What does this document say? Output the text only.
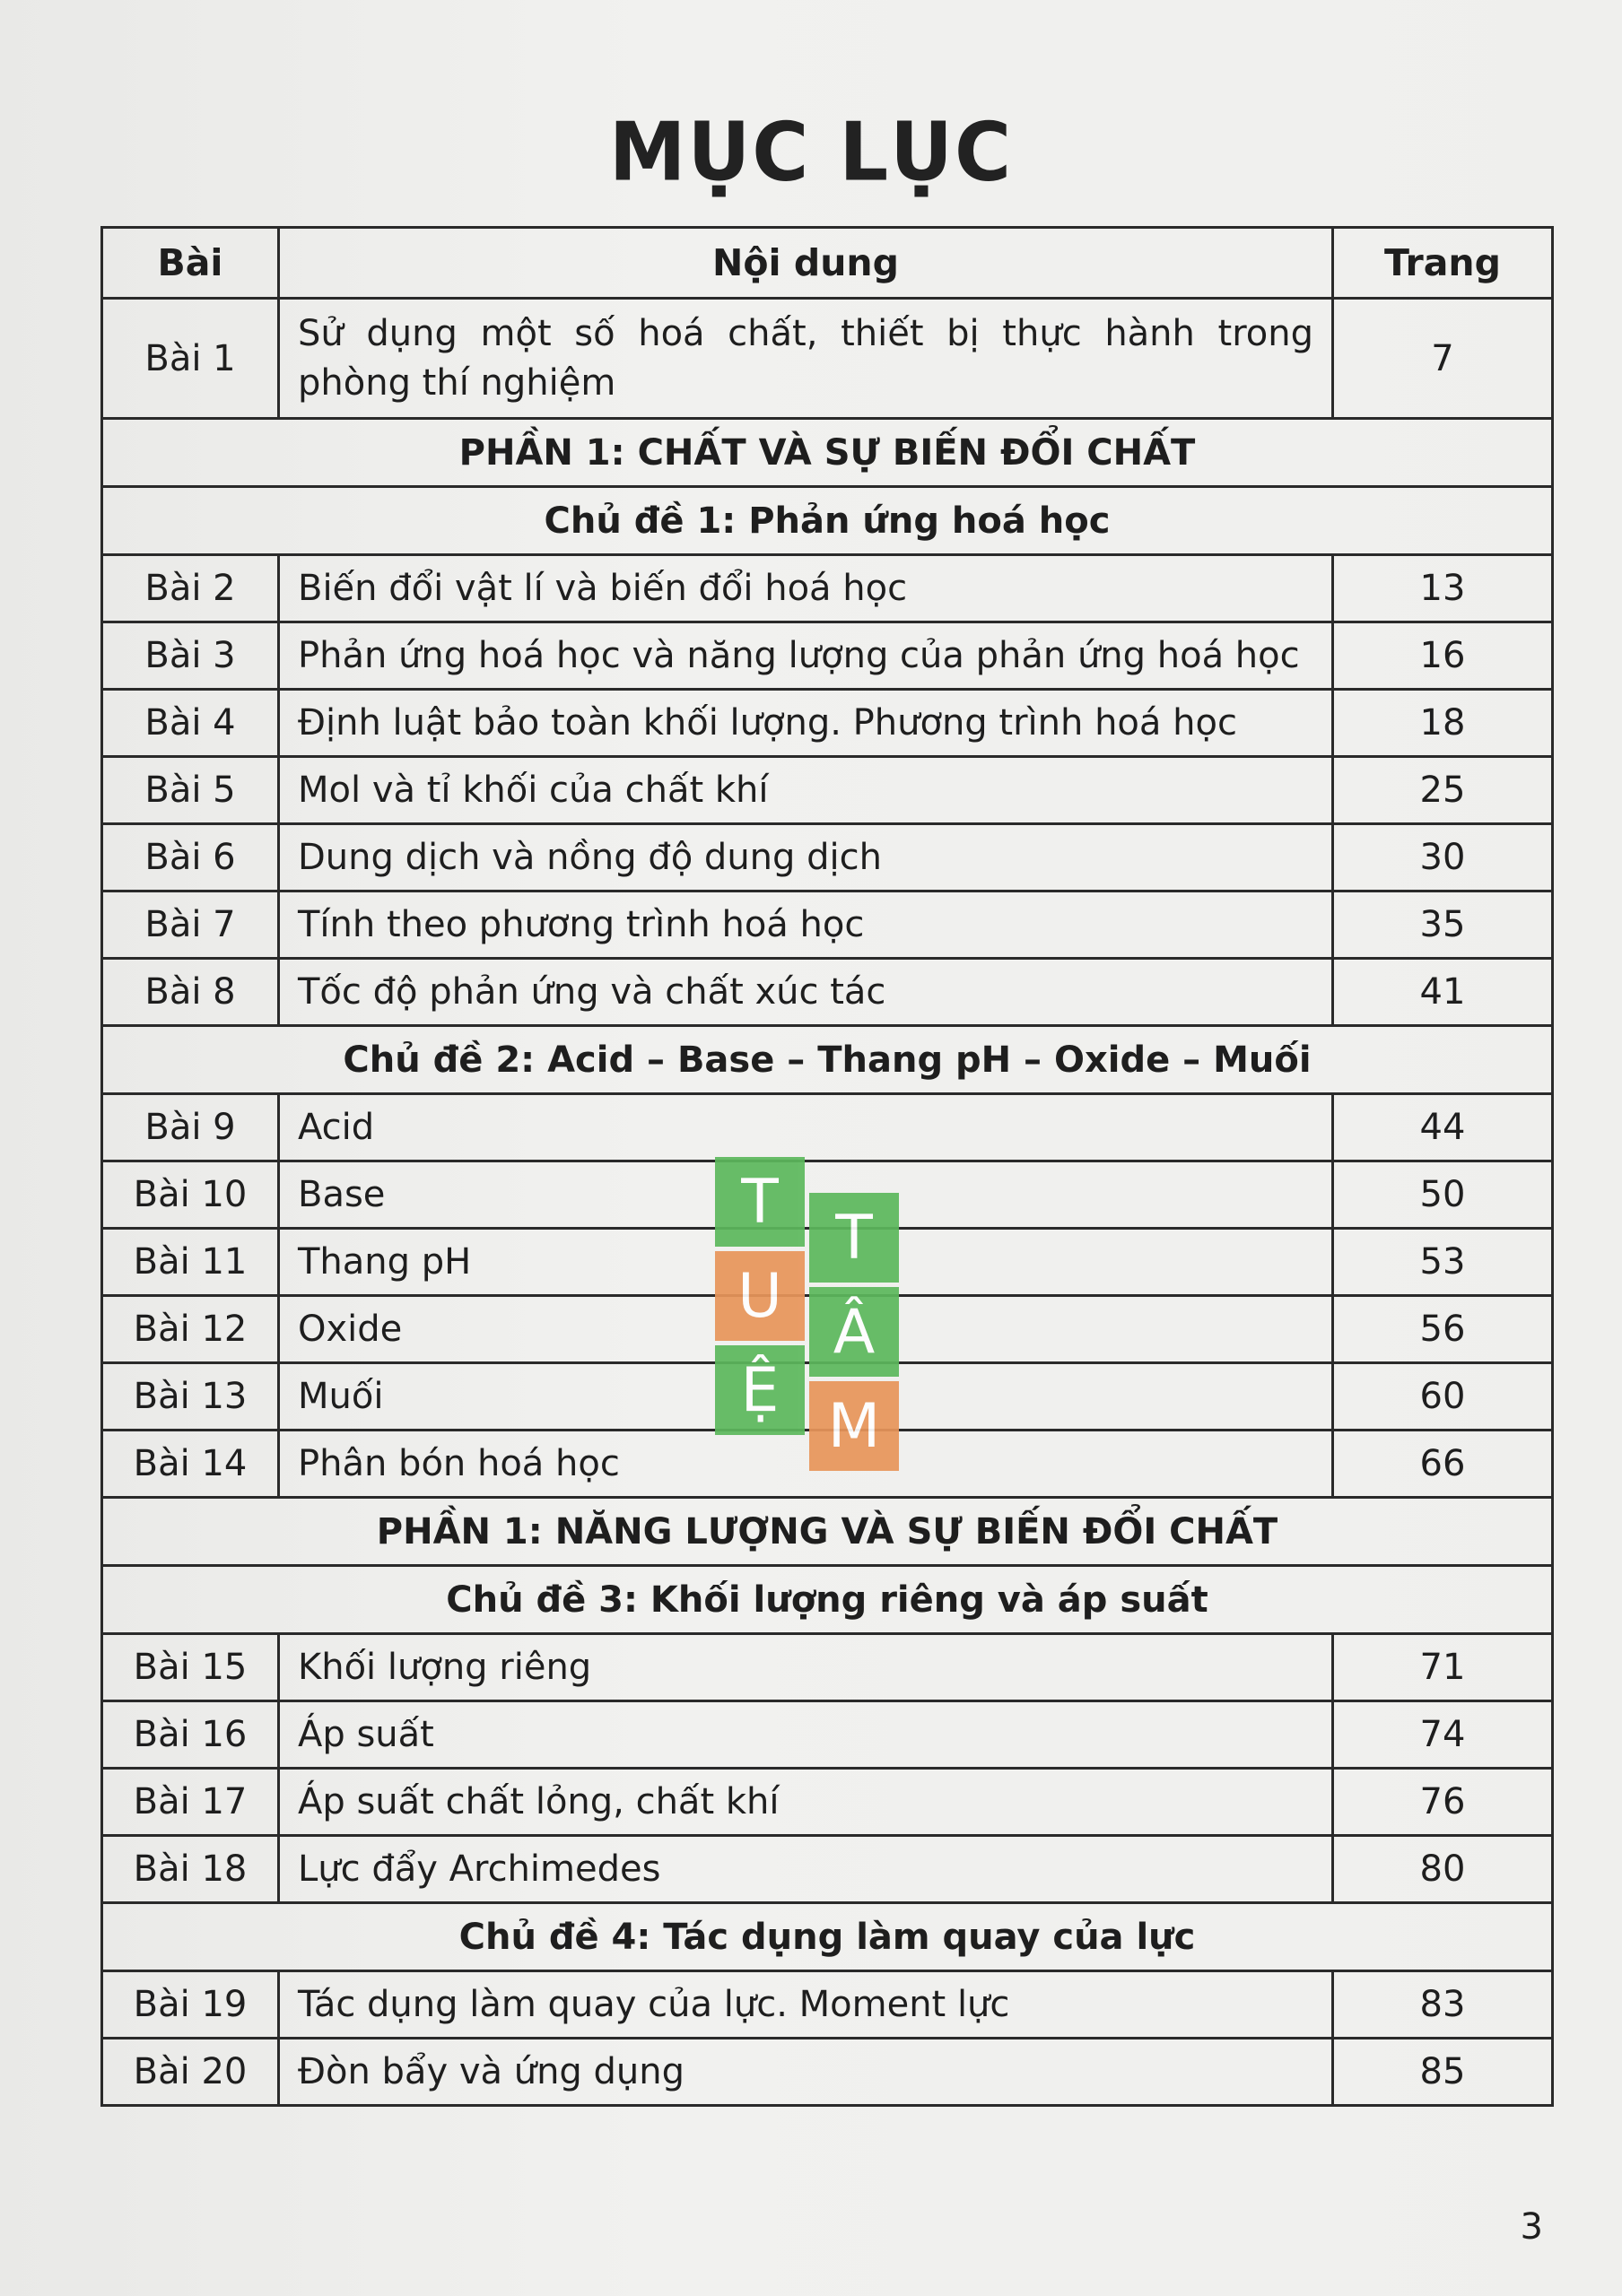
MỤC LỤC
Bài	Nội dung	Trang
Bài 1	Sử dụng một số hoá chất, thiết bị thực hành trong phòng thí nghiệm	7
PHẦN 1: CHẤT VÀ SỰ BIẾN ĐỔI CHẤT		
Chủ đề 1: Phản ứng hoá học		
Bài 2	Biến đổi vật lí và biến đổi hoá học	13
Bài 3	Phản ứng hoá học và năng lượng của phản ứng hoá học	16
Bài 4	Định luật bảo toàn khối lượng. Phương trình hoá học	18
Bài 5	Mol và tỉ khối của chất khí	25
Bài 6	Dung dịch và nồng độ dung dịch	30
Bài 7	Tính theo phương trình hoá học	35
Bài 8	Tốc độ phản ứng và chất xúc tác	41
Chủ đề 2: Acid – Base – Thang pH – Oxide – Muối		
Bài 9	Acid	44
Bài 10	Base	50
Bài 11	Thang pH	53
Bài 12	Oxide	56
Bài 13	Muối	60
Bài 14	Phân bón hoá học	66
PHẦN 1: NĂNG LƯỢNG VÀ SỰ BIẾN ĐỔI CHẤT		
Chủ đề 3: Khối lượng riêng và áp suất		
Bài 15	Khối lượng riêng	71
Bài 16	Áp suất	74
Bài 17	Áp suất chất lỏng, chất khí	76
Bài 18	Lực đẩy Archimedes	80
Chủ đề 4: Tác dụng làm quay của lực		
Bài 19	Tác dụng làm quay của lực. Moment lực	83
Bài 20	Đòn bẩy và ứng dụng	85
T
T
U
Â
Ệ
M
3
